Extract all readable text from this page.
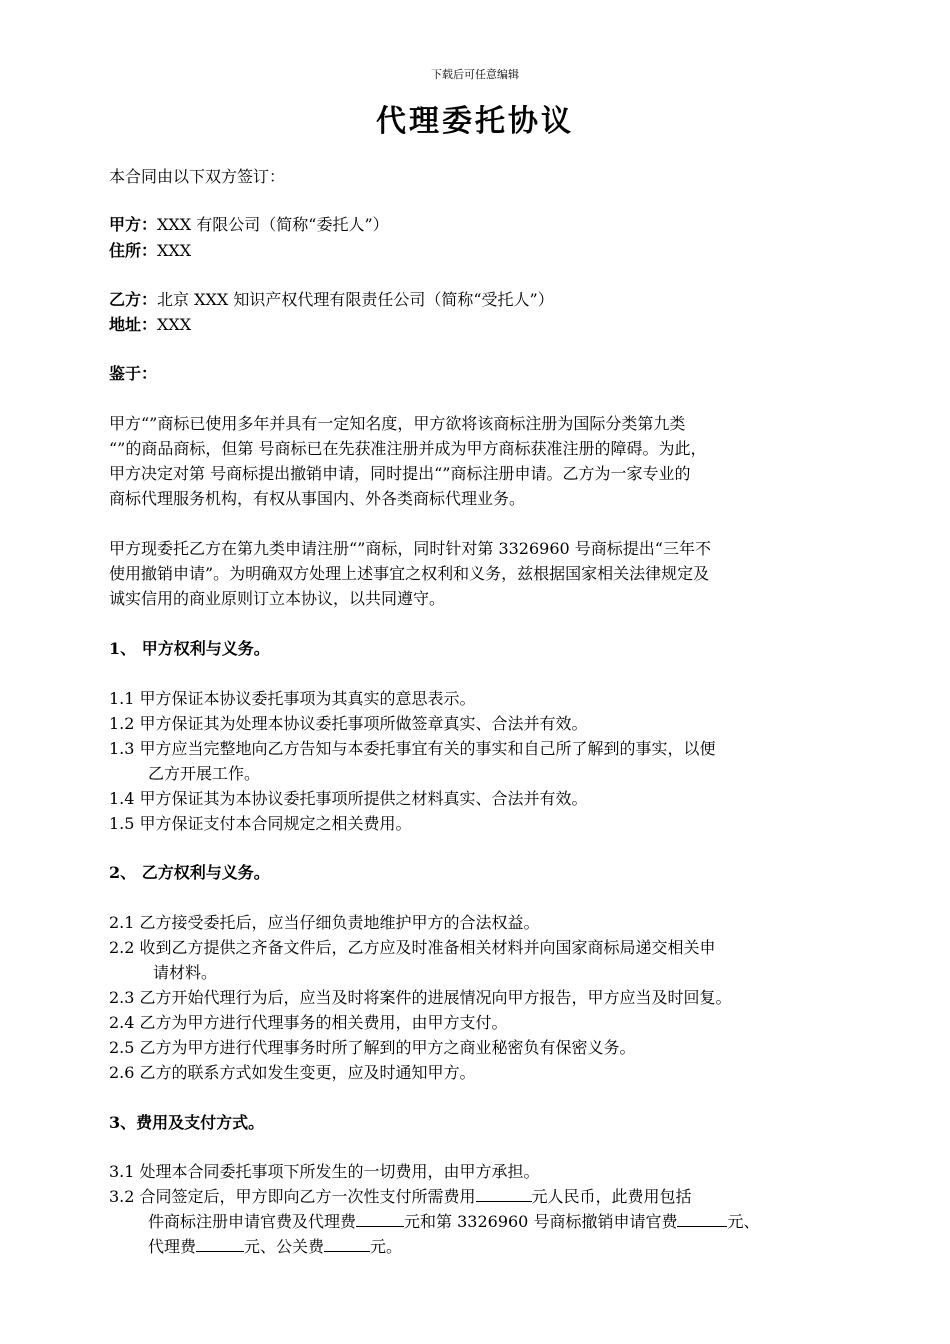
下载后可任意编辑
代理委托协议
本合同由以下双方签订：
甲方：XXX 有限公司（简称“委托人”）
住所：XXX
乙方：北京 XXX 知识产权代理有限责任公司（简称“受托人”）
地址：XXX
鉴于：
甲方“”商标已使用多年并具有一定知名度，甲方欲将该商标注册为国际分类第九类
“”的商品商标，但第 号商标已在先获准注册并成为甲方商标获准注册的障碍。为此，
甲方决定对第 号商标提出撤销申请，同时提出“”商标注册申请。乙方为一家专业的
商标代理服务机构，有权从事国内、外各类商标代理业务。
甲方现委托乙方在第九类申请注册“”商标，同时针对第 3326960 号商标提出“三年不
使用撤销申请”。为明确双方处理上述事宜之权利和义务，兹根据国家相关法律规定及
诚实信用的商业原则订立本协议，以共同遵守。
1、 甲方权利与义务。
1.1 甲方保证本协议委托事项为其真实的意思表示。
1.2 甲方保证其为处理本协议委托事项所做签章真实、合法并有效。
1.3 甲方应当完整地向乙方告知与本委托事宜有关的事实和自己所了解到的事实，以便
乙方开展工作。
1.4 甲方保证其为本协议委托事项所提供之材料真实、合法并有效。
1.5 甲方保证支付本合同规定之相关费用。
2、 乙方权利与义务。
2.1 乙方接受委托后，应当仔细负责地维护甲方的合法权益。
2.2 收到乙方提供之齐备文件后，乙方应及时准备相关材料并向国家商标局递交相关申
请材料。
2.3 乙方开始代理行为后，应当及时将案件的进展情况向甲方报告，甲方应当及时回复。
2.4 乙方为甲方进行代理事务的相关费用，由甲方支付。
2.5 乙方为甲方进行代理事务时所了解到的甲方之商业秘密负有保密义务。
2.6 乙方的联系方式如发生变更，应及时通知甲方。
3、费用及支付方式。
3.1 处理本合同委托事项下所发生的一切费用，由甲方承担。
3.2 合同签定后，甲方即向乙方一次性支付所需费用	元人民币，此费用包括
件商标注册申请官费及代理费	元和第 3326960 号商标撤销申请官费	元、
代理费	元、公关费	元。
